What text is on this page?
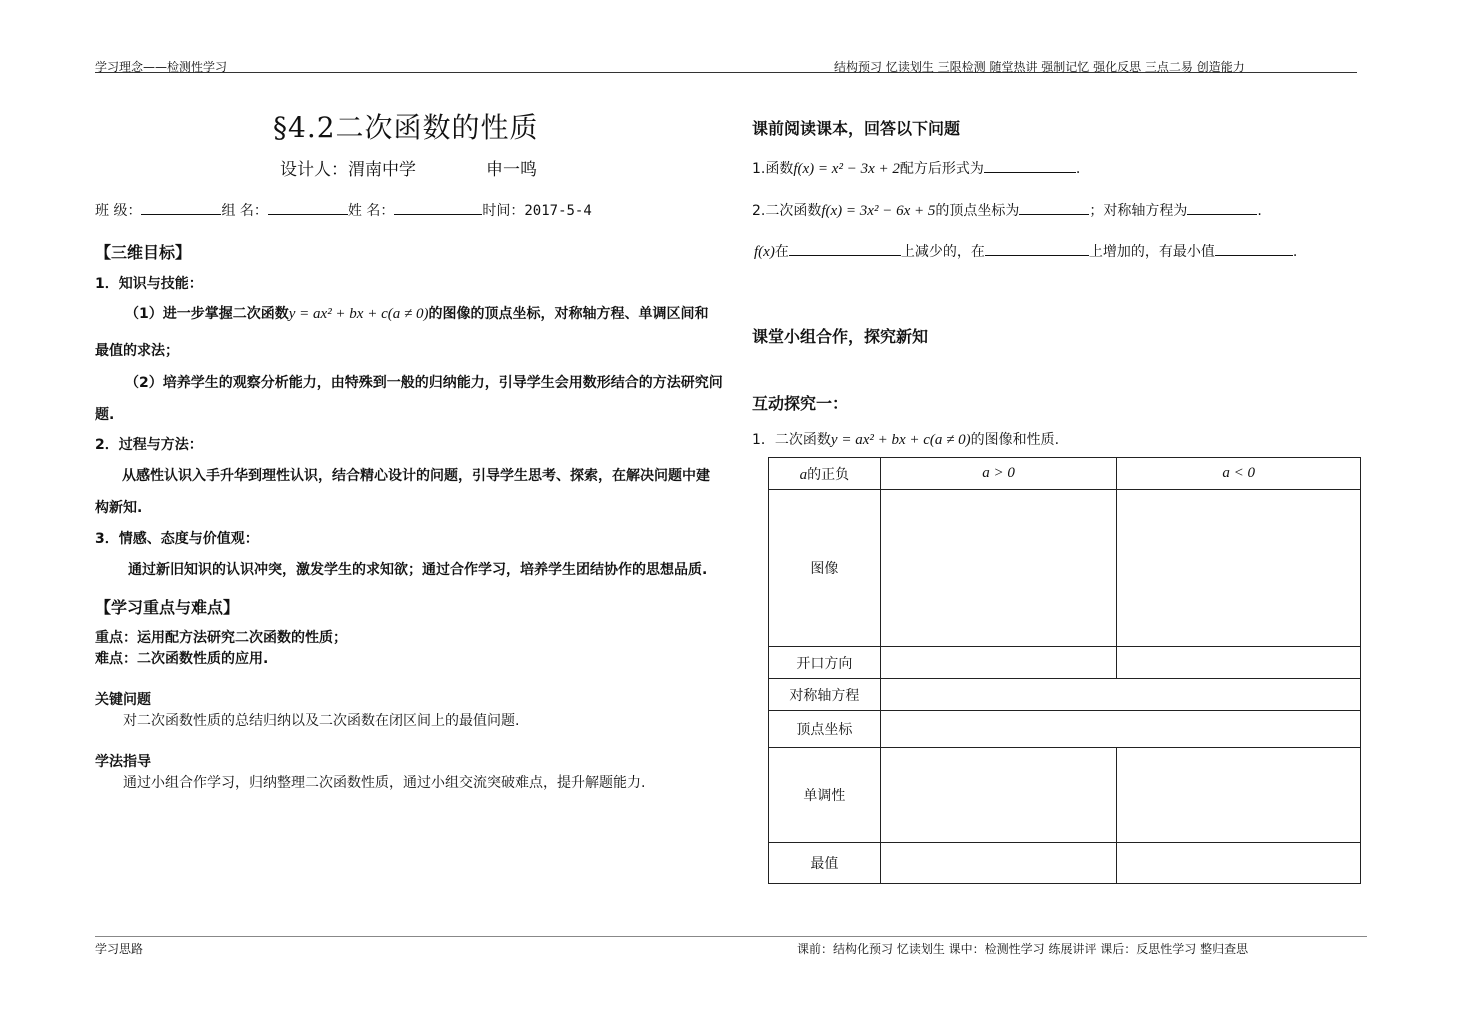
学习理念——检测性学习	结构预习 忆读划生 三限检测 随堂热讲 强制记忆 强化反思 三点二易 创造能力
§4.2二次函数的性质
设计人：渭南中学	申一鸣
班 级：	组 名：	姓 名：	时间：2017-5-4
【三维目标】
1．知识与技能：
（1）进一步掌握二次函数y = ax² + bx + c(a ≠ 0)的图像的顶点坐标，对称轴方程、单调区间和
最值的求法；
（2）培养学生的观察分析能力，由特殊到一般的归纳能力，引导学生会用数形结合的方法研究问
题.
2．过程与方法：
从感性认识入手升华到理性认识，结合精心设计的问题，引导学生思考、探索，在解决问题中建
构新知.
3．情感、态度与价值观：
通过新旧知识的认识冲突，激发学生的求知欲；通过合作学习，培养学生团结协作的思想品质.
【学习重点与难点】
重点：运用配方法研究二次函数的性质；
难点：二次函数性质的应用.
关键问题
对二次函数性质的总结归纳以及二次函数在闭区间上的最值问题.
学法指导
通过小组合作学习，归纳整理二次函数性质，通过小组交流突破难点，提升解题能力.
课前阅读课本，回答以下问题
1.函数f(x) = x² − 3x + 2配方后形式为	.
2.二次函数f(x) = 3x² − 6x + 5的顶点坐标为	；对称轴方程为	.
f(x)在	上减少的，在	上增加的，有最小值	.
课堂小组合作，探究新知
互动探究一：
1．二次函数y = ax² + bx + c(a ≠ 0)的图像和性质.
a的正负	a > 0	a < 0
图像		
开口方向		
对称轴方程		
顶点坐标		
单调性		
最值		
学习思路	课前：结构化预习 忆读划生 课中：检测性学习 练展讲评 课后：反思性学习 整归查思
